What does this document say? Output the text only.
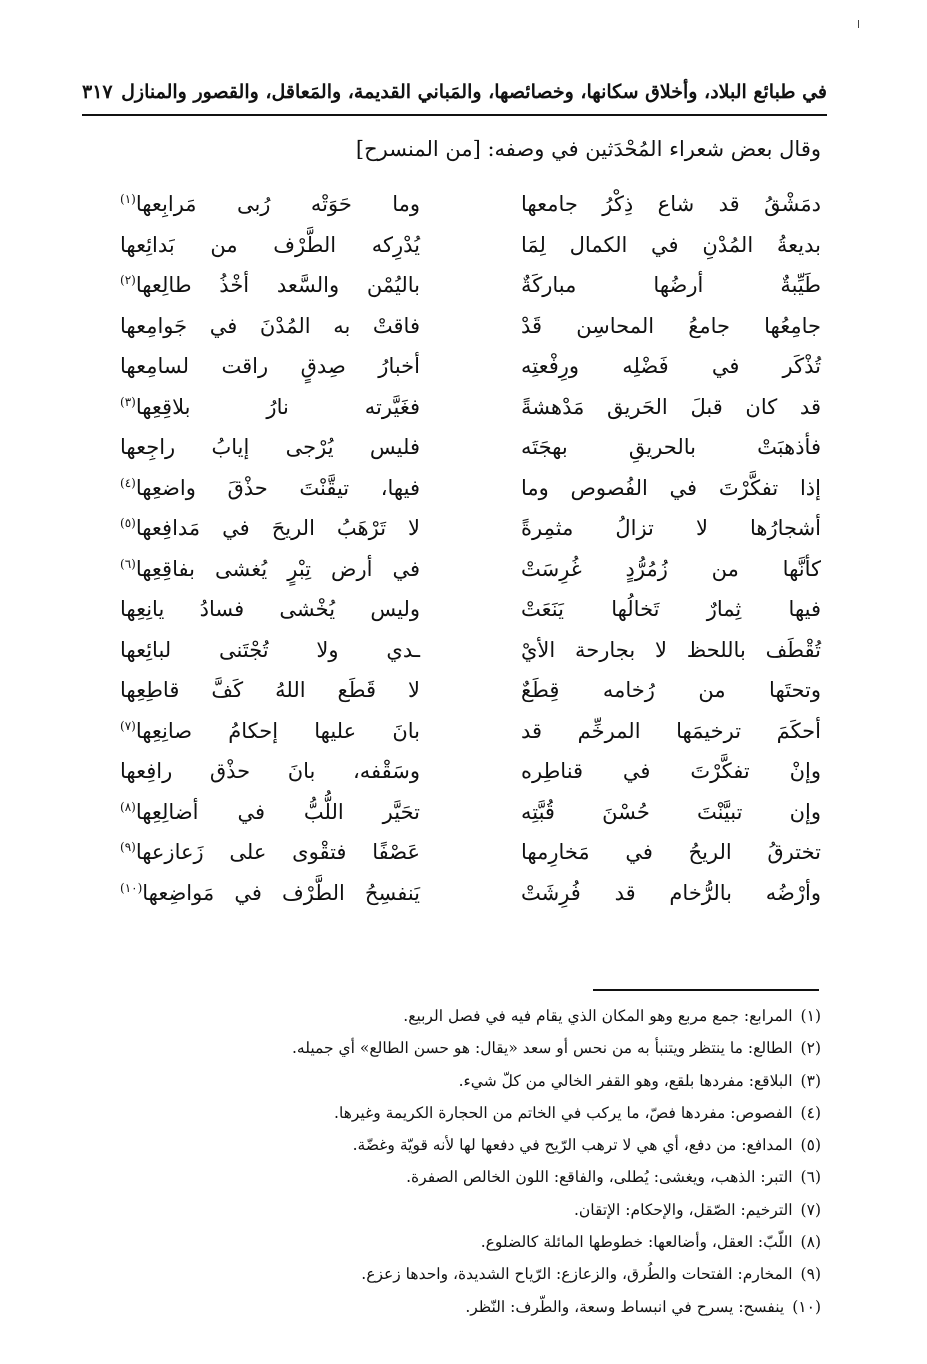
في طبائع البلاد، وأخلاق سكانها، وخصائصها، والمَباني القديمة، والمَعاقل، والقصور والمنازل
٣١٧
وقال بعض شعراء المُحْدَثين في وصفه: [من المنسرح]
دمَشْقُ قد شاع ذِكْرُ جامعها
وما حَوَتْه رُبى مَرابِعها$^{(١)}$
بديعةُ المُدْنِ في الكمال لِمَا
يُدْرِكه الطَّرْف من بَدائِعها
طَيِّبةٌ أرضُها مباركَةٌ
باليُمْن والسَّعد أخْذُ طالِعها$^{(٢)}$
جامِعُها جامعُ المحاسِن قَدْ
فاقتْ به المُدْنَ في جَوامِعها
تُذْكَر في فَضْلِه ورِفْعتِه
أخبارُ صِدقٍ راقت لسامِعها
قد كان قبلَ الحَريق مَدْهشةً
فغَيَّرته نارُ بلاقِعِها$^{(٣)}$
فأذهبَتْ بالحريقِ بهجَتَه
فليس يُرْجى إيابُ راجِعها
إذا تفكَّرْتَ في الفُصوص وما
فيها، تيقَّنْتَ حذْقَ واضعِها$^{(٤)}$
أشجارُها لا تزالُ مثمِرةً
لا تَرْهَبُ الريحَ في مَدافِعها$^{(٥)}$
كأنَّها من زُمُرُّدٍ غُرِسَتْ
في أرض تِبْرٍ يُغشى بفاقِعِها$^{(٦)}$
فيها ثِمارٌ تَخالُها يَنَعَتْ
وليس يُخْشى فسادُ يانِعِها
تُقْطَف باللحظ لا بجارحة الأيْ
ـدي ولا تُجْتَنى لبائِعها
وتحتَها من رُخامه قِطَعٌ
لا قَطَع اللهُ كَفَّ قاطِعِها
أحكَمَ ترخيمَها المرخِّم قد
بانَ عليها إحكامُ صانِعِها$^{(٧)}$
وإنْ تفكَّرْتَ في قناطِره
وسَقْفه، بانَ حذْق رافِعها
وإن تبيَّنْتَ حُسْنَ قُبَّتِه
تحَيَّر اللُّبُّ في أضالِعِها$^{(٨)}$
تخترقُ الريحُ في مَخارِمها
عَصْفًا فتقْوى على زَعازعها$^{(٩)}$
وأرْضُه بالرُّخام قد فُرِشَتْ
يَنفسِحُ الطَّرْف في مَواضِعها$^{(١٠)}$
(١)المرابع: جمع مربع وهو المكان الذي يقام فيه في فصل الربيع.
(٢)الطالع: ما ينتظر ويتنبأ به من نحس أو سعد «يقال: هو حسن الطالع» أي جميله.
(٣)البلاقع: مفردها بلقع، وهو القفر الخالي من كلّ شيء.
(٤)الفصوص: مفردها فصّ، ما يركب في الخاتم من الحجارة الكريمة وغيرها.
(٥)المدافع: من دفع، أي هي لا ترهب الرّيح في دفعها لها لأنه قويّة وغضّة.
(٦)التبر: الذهب، ويغشى: يُطلى، والفاقع: اللون الخالص الصفرة.
(٧)الترخيم: الصّقل، والإحكام: الإتقان.
(٨)اللّبّ: العقل، وأضالعها: خطوطها المائلة كالضلوع.
(٩)المخارم: الفتحات والطُرق، والزعازع: الرّياح الشديدة، واحدها زعزع.
(١٠)ينفسح: يسرح في انبساط وسعة، والطّرف: النّظر.
